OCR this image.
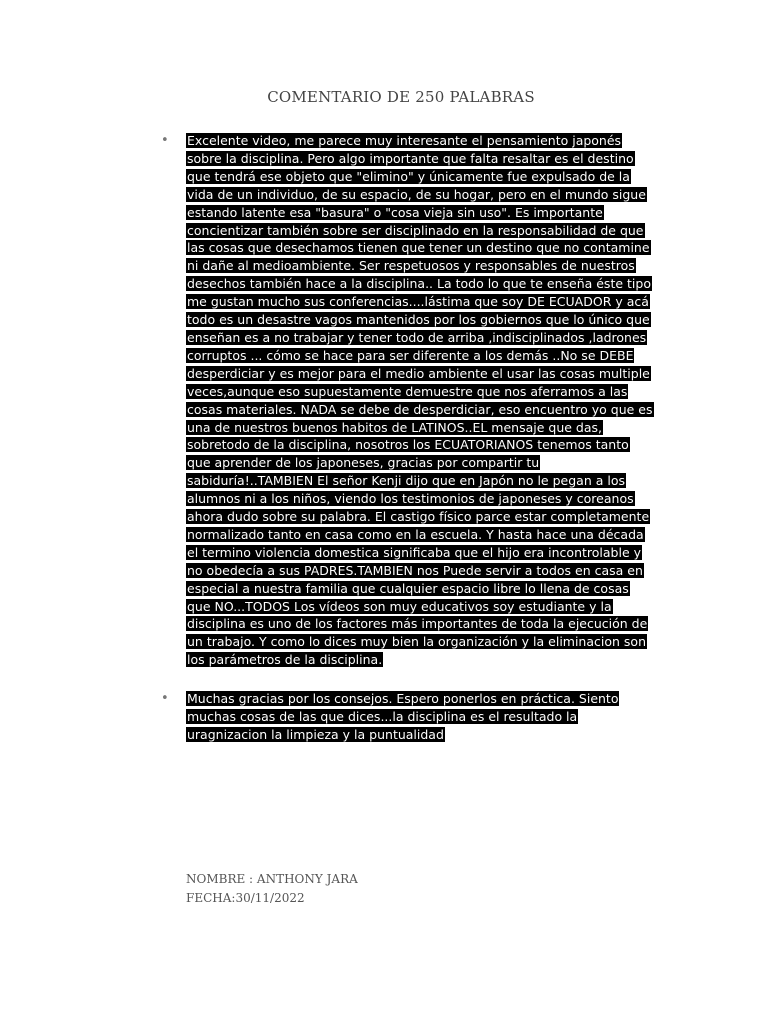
COMENTARIO DE 250 PALABRAS
• Excelente video, me parece muy interesante el pensamiento japonés sobre la disciplina. Pero algo importante que falta resaltar es el destino que tendrá ese objeto que "elimino" y únicamente fue expulsado de la vida de un individuo, de su espacio, de su hogar, pero en el mundo sigue estando latente esa "basura" o "cosa vieja sin uso". Es importante concientizar también sobre ser disciplinado en la responsabilidad de que las cosas que desechamos tienen que tener un destino que no contamine ni dañe al medioambiente. Ser respetuosos y responsables de nuestros desechos también hace a la disciplina.. La todo lo que te enseña éste tipo me gustan mucho sus conferencias....lástima que soy DE ECUADOR y acá todo es un desastre vagos mantenidos por los gobiernos que lo único que enseñan es a no trabajar y tener todo de arriba ,indisciplinados ,ladrones corruptos ... cómo se hace para ser diferente a los demás ..No se DEBE desperdiciar y es mejor para el medio ambiente el usar las cosas multiple veces,aunque eso supuestamente demuestre que nos aferramos a las cosas materiales. NADA se debe de desperdiciar, eso encuentro yo que es una de nuestros buenos habitos de LATINOS..EL mensaje que das, sobretodo de la disciplina, nosotros los ECUATORIANOS tenemos tanto que aprender de los japoneses, gracias por compartir tu sabiduría!..TAMBIEN El señor Kenji dijo que en Japón no le pegan a los alumnos ni a los niños, viendo los testimonios de japoneses y coreanos ahora dudo sobre su palabra. El castigo físico parce estar completamente normalizado tanto en casa como en la escuela. Y hasta hace una década el termino violencia domestica significaba que el hijo era incontrolable y no obedecía a sus PADRES.TAMBIEN nos Puede servir a todos en casa en especial a nuestra familia que cualquier espacio libre lo llena de cosas que NO...TODOS Los vídeos son muy educativos soy estudiante y la disciplina es uno de los factores más importantes de toda la ejecución de un trabajo. Y como lo dices muy bien la organización y la eliminacion son los parámetros de la disciplina.

• Muchas gracias por los consejos. Espero ponerlos en práctica. Siento muchas cosas de las que dices...la disciplina es el resultado la uragnizacion la limpieza y la puntualidad

NOMBRE : ANTHONY JARA
FECHA:30/11/2022
